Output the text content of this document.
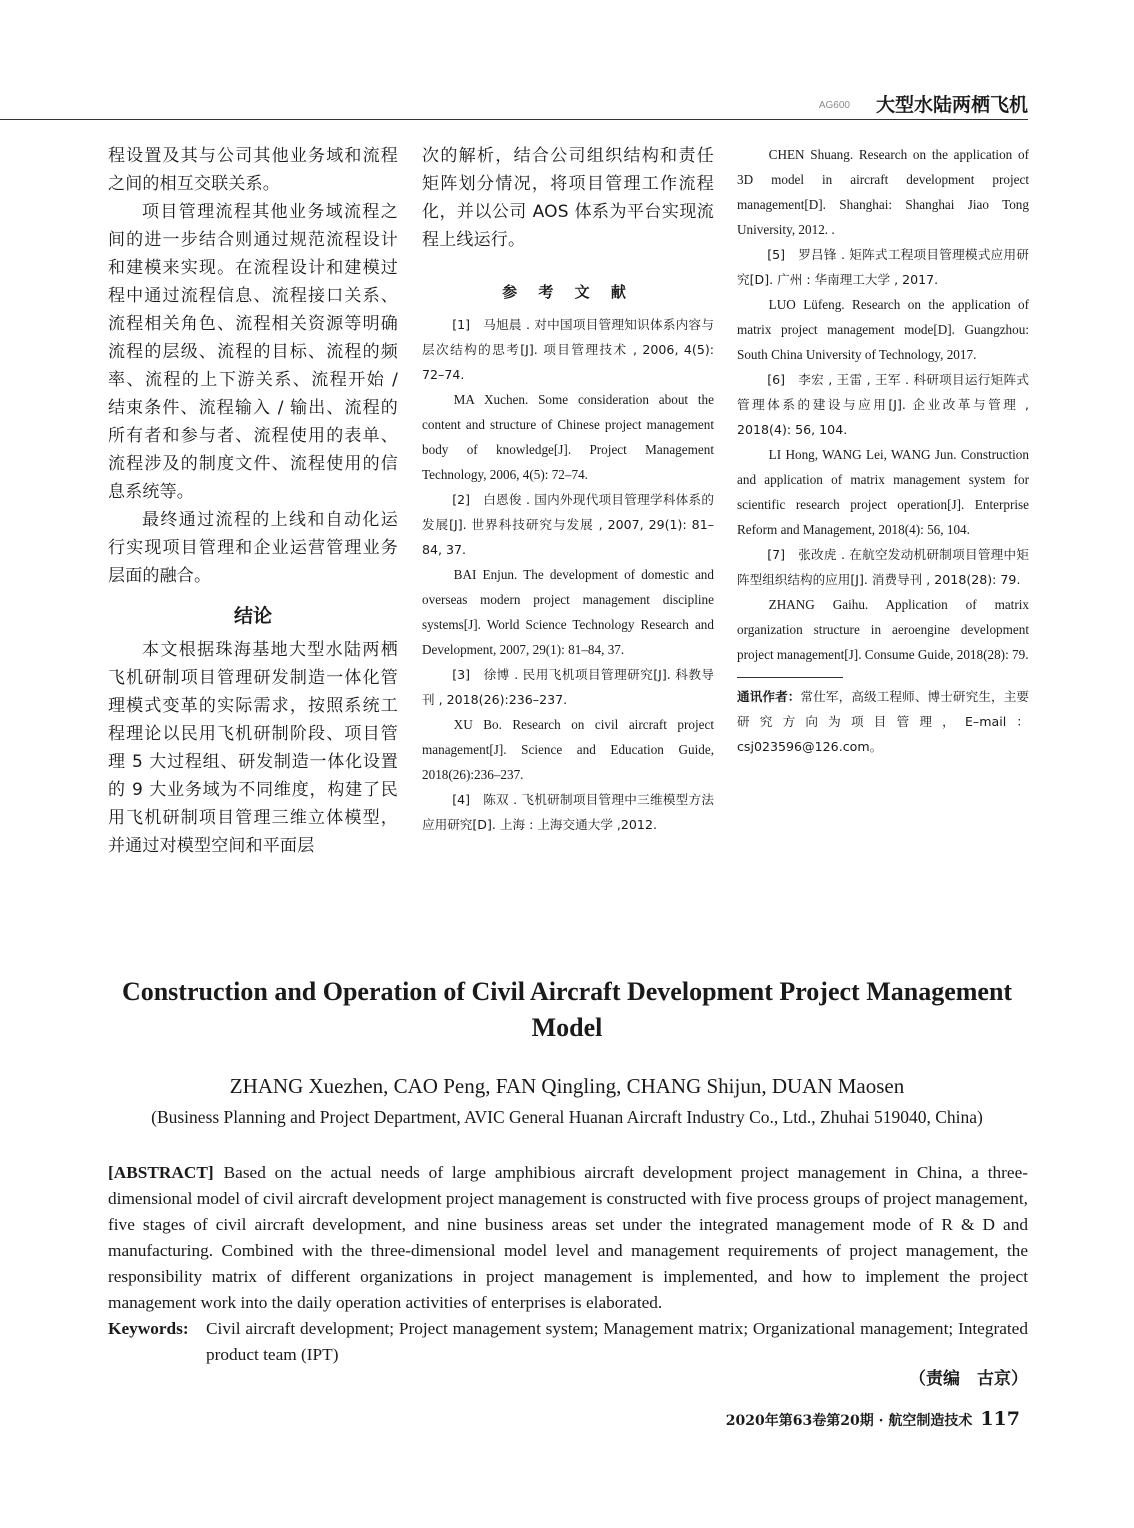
AG600 大型水陆两栖飞机

程设置及其与公司其他业务域和流程之间的相互交联关系。

项目管理流程其他业务域流程之间的进一步结合则通过规范流程设计和建模来实现。在流程设计和建模过程中通过流程信息、流程接口关系、流程相关角色、流程相关资源等明确流程的层级、流程的目标、流程的频率、流程的上下游关系、流程开始 / 结束条件、流程输入 / 输出、流程的所有者和参与者、流程使用的表单、流程涉及的制度文件、流程使用的信息系统等。

最终通过流程的上线和自动化运行实现项目管理和企业运营管理业务层面的融合。

结论

本文根据珠海基地大型水陆两栖飞机研制项目管理研发制造一体化管理模式变革的实际需求，按照系统工程理论以民用飞机研制阶段、项目管理 5 大过程组、研发制造一体化设置的 9 大业务域为不同维度，构建了民用飞机研制项目管理三维立体模型，并通过对模型空间和平面层

次的解析，结合公司组织结构和责任矩阵划分情况，将项目管理工作流程化，并以公司 AOS 体系为平台实现流程上线运行。

参 考 文 献

[1]　马旭晨 . 对中国项目管理知识体系内容与层次结构的思考[J]. 项目管理技术 , 2006, 4(5): 72–74.

MA Xuchen. Some consideration about the content and structure of Chinese project management body of knowledge[J]. Project Management Technology, 2006, 4(5): 72–74.

[2]　白恩俊 . 国内外现代项目管理学科体系的发展[J]. 世界科技研究与发展 , 2007, 29(1): 81–84, 37.

BAI Enjun. The development of domestic and overseas modern project management discipline systems[J]. World Science Technology Research and Development, 2007, 29(1): 81–84, 37.

[3]　徐博 . 民用飞机项目管理研究[J]. 科教导刊 , 2018(26):236–237.

XU Bo. Research on civil aircraft project management[J]. Science and Education Guide, 2018(26):236–237.

[4]　陈双 . 飞机研制项目管理中三维模型方法应用研究[D]. 上海 : 上海交通大学 ,2012.

CHEN Shuang. Research on the application of 3D model in aircraft development project management[D]. Shanghai: Shanghai Jiao Tong University, 2012. .

[5]　罗吕锋 . 矩阵式工程项目管理模式应用研究[D]. 广州 : 华南理工大学 , 2017.

LUO Lüfeng. Research on the application of matrix project management mode[D]. Guangzhou: South China University of Technology, 2017.

[6]　李宏 , 王雷 , 王军 . 科研项目运行矩阵式管理体系的建设与应用[J]. 企业改革与管理 , 2018(4): 56, 104.

LI Hong, WANG Lei, WANG Jun. Construction and application of matrix management system for scientific research project operation[J]. Enterprise Reform and Management, 2018(4): 56, 104.

[7]　张改虎 . 在航空发动机研制项目管理中矩阵型组织结构的应用[J]. 消费导刊 , 2018(28): 79.

ZHANG Gaihu. Application of matrix organization structure in aeroengine development project management[J]. Consume Guide, 2018(28): 79.

通讯作者：常仕军，高级工程师、博士研究生，主要研究方向为项目管理，E–mail：csj023596@126.com。

Construction and Operation of Civil Aircraft Development Project Management Model
ZHANG Xuezhen, CAO Peng, FAN Qingling, CHANG Shijun, DUAN Maosen
(Business Planning and Project Department, AVIC General Huanan Aircraft Industry Co., Ltd., Zhuhai 519040, China)

[ABSTRACT] Based on the actual needs of large amphibious aircraft development project management in China, a three-dimensional model of civil aircraft development project management is constructed with five process groups of project management, five stages of civil aircraft development, and nine business areas set under the integrated management mode of R & D and manufacturing. Combined with the three-dimensional model level and management requirements of project management, the responsibility matrix of different organizations in project management is implemented, and how to implement the project management work into the daily operation activities of enterprises is elaborated.

Keywords:	Civil aircraft development; Project management system; Management matrix; Organizational management; Integrated product team (IPT)
（责编　古京）
2020年第63卷第20期 · 航空制造技术 117
